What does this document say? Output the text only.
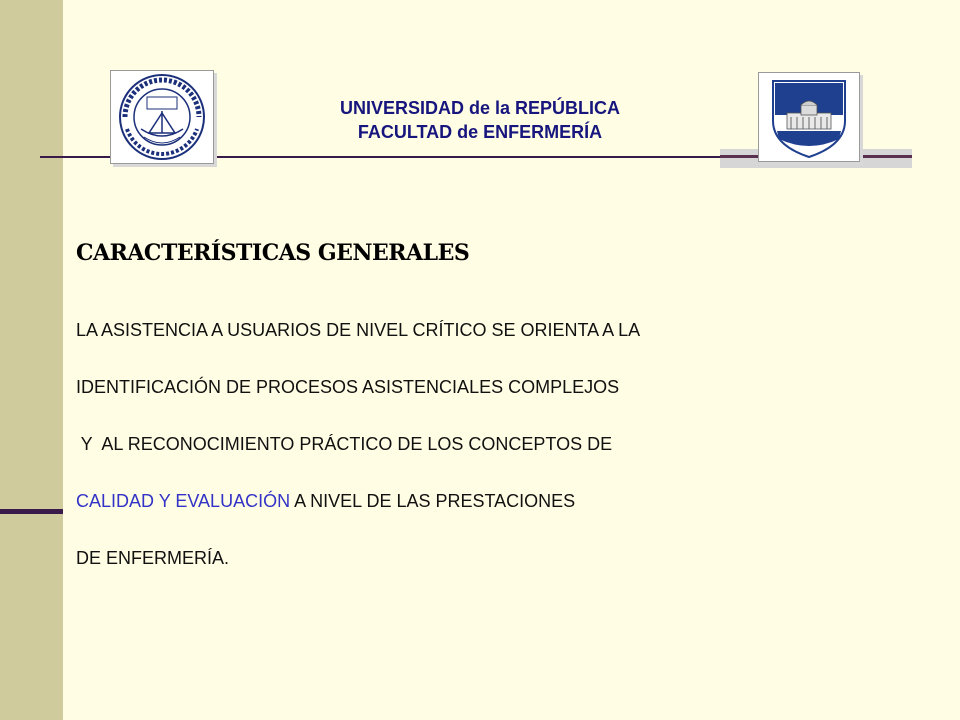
UNIVERSIDAD de la REPÚBLICA
FACULTAD de ENFERMERÍA
CARACTERÍSTICAS GENERALES
LA ASISTENCIA A USUARIOS DE NIVEL CRÍTICO SE ORIENTA A LA
IDENTIFICACIÓN DE PROCESOS ASISTENCIALES COMPLEJOS
Y  AL RECONOCIMIENTO PRÁCTICO DE LOS CONCEPTOS DE
CALIDAD Y EVALUACIÓN A NIVEL DE LAS PRESTACIONES
DE ENFERMERÍA.
